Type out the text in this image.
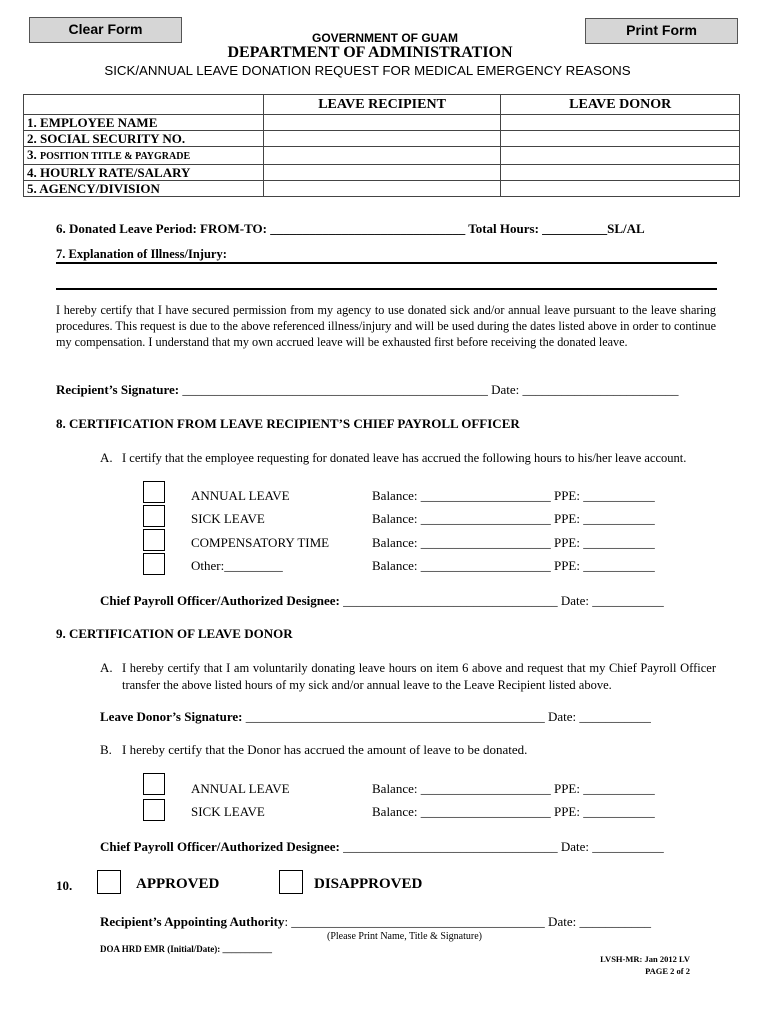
Clear Form	Print Form
GOVERNMENT OF GUAM
DEPARTMENT OF ADMINISTRATION
SICK/ANNUAL LEAVE DONATION REQUEST FOR MEDICAL EMERGENCY REASONS
	LEAVE RECIPIENT	LEAVE DONOR
1. EMPLOYEE NAME		
2. SOCIAL SECURITY NO.		
3. POSITION TITLE & PAYGRADE		
4. HOURLY RATE/SALARY		
5. AGENCY/DIVISION		
6. Donated Leave Period: FROM-TO: ______________________________ Total Hours: __________SL/AL
7. Explanation of Illness/Injury:
I hereby certify that I have secured permission from my agency to use donated sick and/or annual leave pursuant to the leave sharing procedures. This request is due to the above referenced illness/injury and will be used during the dates listed above in order to continue my compensation. I understand that my own accrued leave will be exhausted first before receiving the donated leave.
Recipient’s Signature: _______________________________________________ Date: ________________________
8. CERTIFICATION FROM LEAVE RECIPIENT’S CHIEF PAYROLL OFFICER
A. I certify that the employee requesting for donated leave has accrued the following hours to his/her leave account.
ANNUAL LEAVE	Balance: ____________________ PPE: ___________
SICK LEAVE	Balance: ____________________ PPE: ___________
COMPENSATORY TIME	Balance: ____________________ PPE: ___________
Other:_________	Balance: ____________________ PPE: ___________
Chief Payroll Officer/Authorized Designee: _________________________________ Date: ___________
9. CERTIFICATION OF LEAVE DONOR
A. I hereby certify that I am voluntarily donating leave hours on item 6 above and request that my Chief Payroll Officer transfer the above listed hours of my sick and/or annual leave to the Leave Recipient listed above.
Leave Donor’s Signature: ______________________________________________ Date: ___________
B. I hereby certify that the Donor has accrued the amount of leave to be donated.
ANNUAL LEAVE	Balance: ____________________ PPE: ___________
SICK LEAVE	Balance: ____________________ PPE: ___________
Chief Payroll Officer/Authorized Designee: _________________________________ Date: ___________
10.	APPROVED	DISAPPROVED
Recipient’s Appointing Authority: _______________________________________ Date: ___________
(Please Print Name, Title & Signature)
DOA HRD EMR (Initial/Date): ___________
LVSH-MR: Jan 2012 LV
PAGE 2 of 2
